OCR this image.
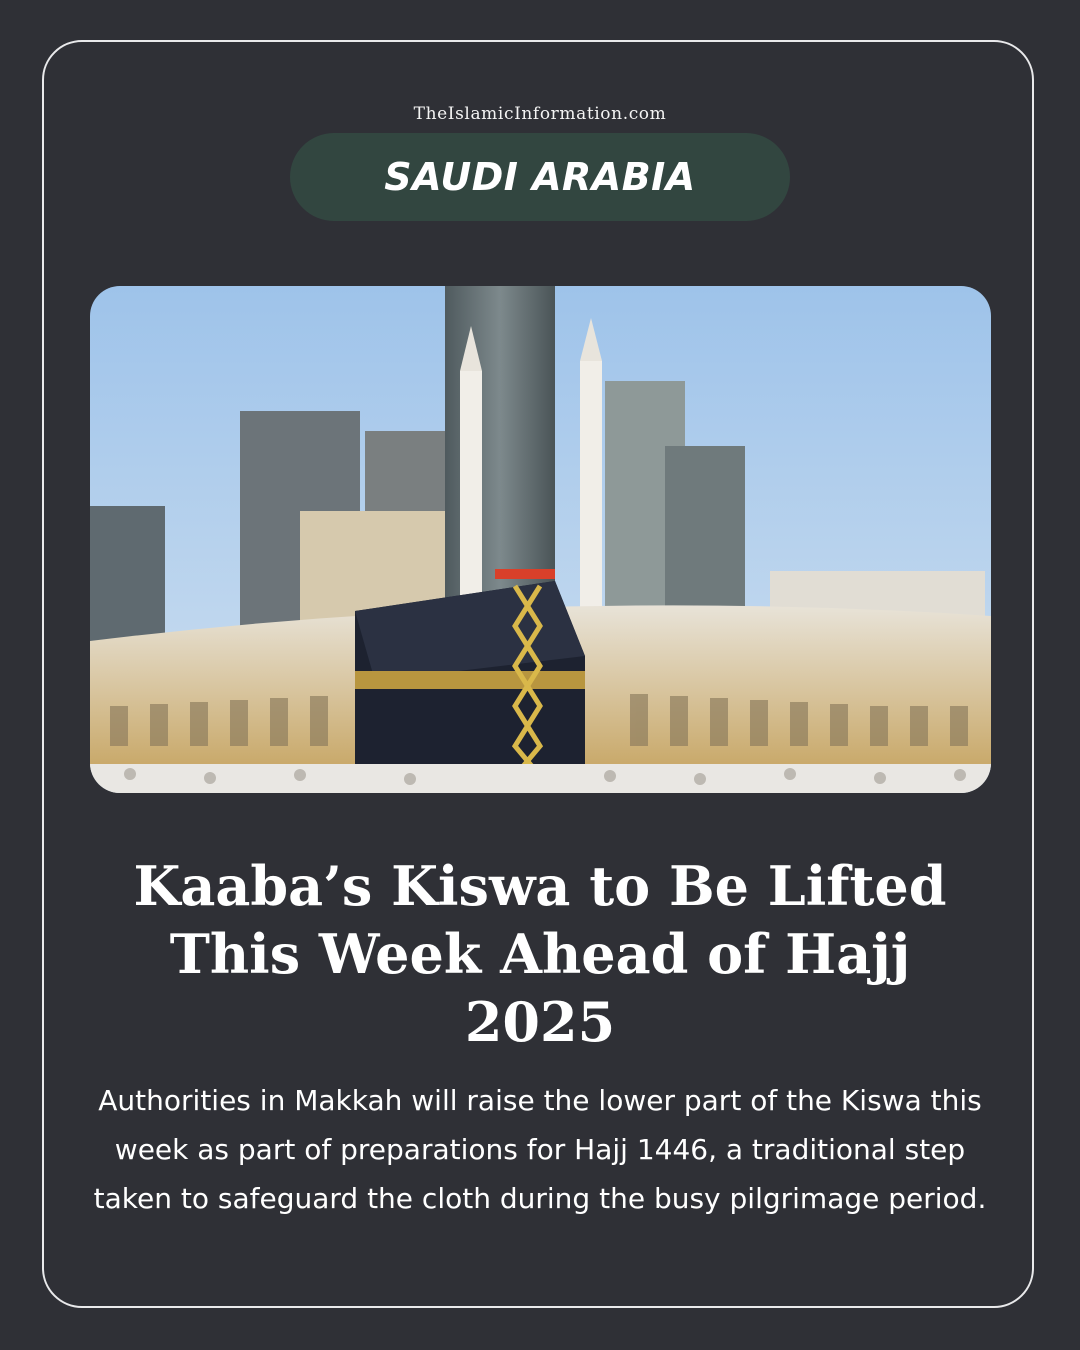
TheIslamicInformation.com
SAUDI ARABIA
Kaaba’s Kiswa to Be Lifted This Week Ahead of Hajj 2025
Authorities in Makkah will raise the lower part of the Kiswa this week as part of preparations for Hajj 1446, a traditional step taken to safeguard the cloth during the busy pilgrimage period.
